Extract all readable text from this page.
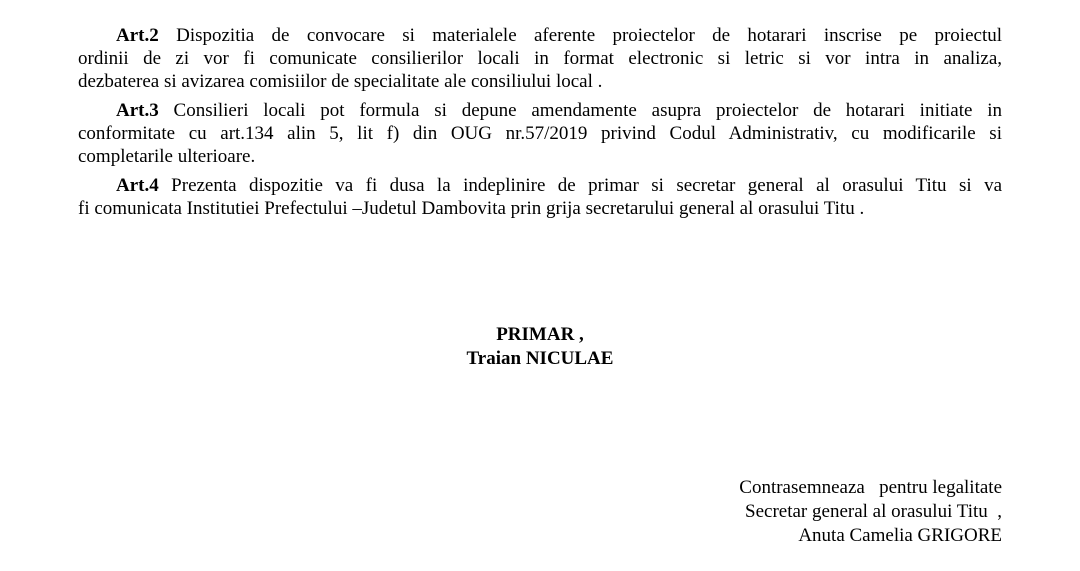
Art.2 Dispozitia de convocare si materialele aferente proiectelor de hotarari inscrise pe proiectul
ordinii de zi vor fi comunicate consilierilor locali in format electronic si letric si vor intra in analiza,
dezbaterea si avizarea comisiilor de specialitate ale consiliului local .
Art.3 Consilieri locali pot formula si depune amendamente asupra proiectelor de hotarari initiate in
conformitate cu art.134 alin 5, lit f) din OUG nr.57/2019 privind Codul Administrativ, cu modificarile si
completarile ulterioare.
Art.4 Prezenta dispozitie va fi dusa la indeplinire de primar si secretar general al orasului Titu si va
fi comunicata Institutiei Prefectului –Judetul Dambovita prin grija secretarului general al orasului Titu .
PRIMAR ,
Traian NICULAE
Contrasemneaza   pentru legalitate
Secretar general al orasului Titu  ,
Anuta Camelia GRIGORE
